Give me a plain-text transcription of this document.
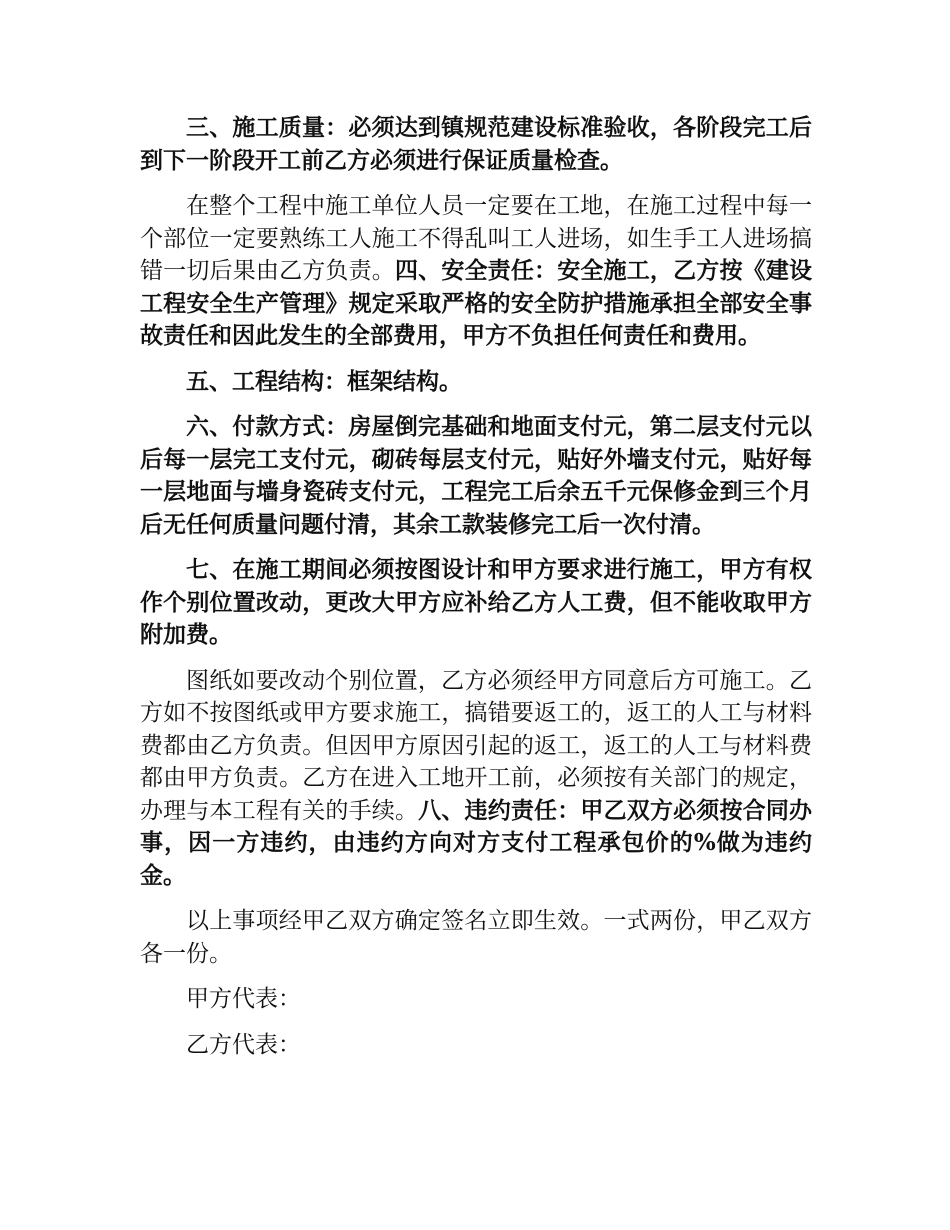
三、施工质量：必须达到镇规范建设标准验收，各阶段完工后到下一阶段开工前乙方必须进行保证质量检查。

在整个工程中施工单位人员一定要在工地，在施工过程中每一个部位一定要熟练工人施工不得乱叫工人进场，如生手工人进场搞错一切后果由乙方负责。四、安全责任：安全施工，乙方按《建设工程安全生产管理》规定采取严格的安全防护措施承担全部安全事故责任和因此发生的全部费用，甲方不负担任何责任和费用。

五、工程结构：框架结构。

六、付款方式：房屋倒完基础和地面支付元，第二层支付元以后每一层完工支付元，砌砖每层支付元，贴好外墙支付元，贴好每一层地面与墙身瓷砖支付元，工程完工后余五千元保修金到三个月后无任何质量问题付清，其余工款装修完工后一次付清。

七、在施工期间必须按图设计和甲方要求进行施工，甲方有权作个别位置改动，更改大甲方应补给乙方人工费，但不能收取甲方附加费。

图纸如要改动个别位置，乙方必须经甲方同意后方可施工。乙方如不按图纸或甲方要求施工，搞错要返工的，返工的人工与材料费都由乙方负责。但因甲方原因引起的返工，返工的人工与材料费都由甲方负责。乙方在进入工地开工前，必须按有关部门的规定，办理与本工程有关的手续。八、违约责任：甲乙双方必须按合同办事，因一方违约，由违约方向对方支付工程承包价的%做为违约金。

以上事项经甲乙双方确定签名立即生效。一式两份，甲乙双方各一份。

甲方代表：

乙方代表：
